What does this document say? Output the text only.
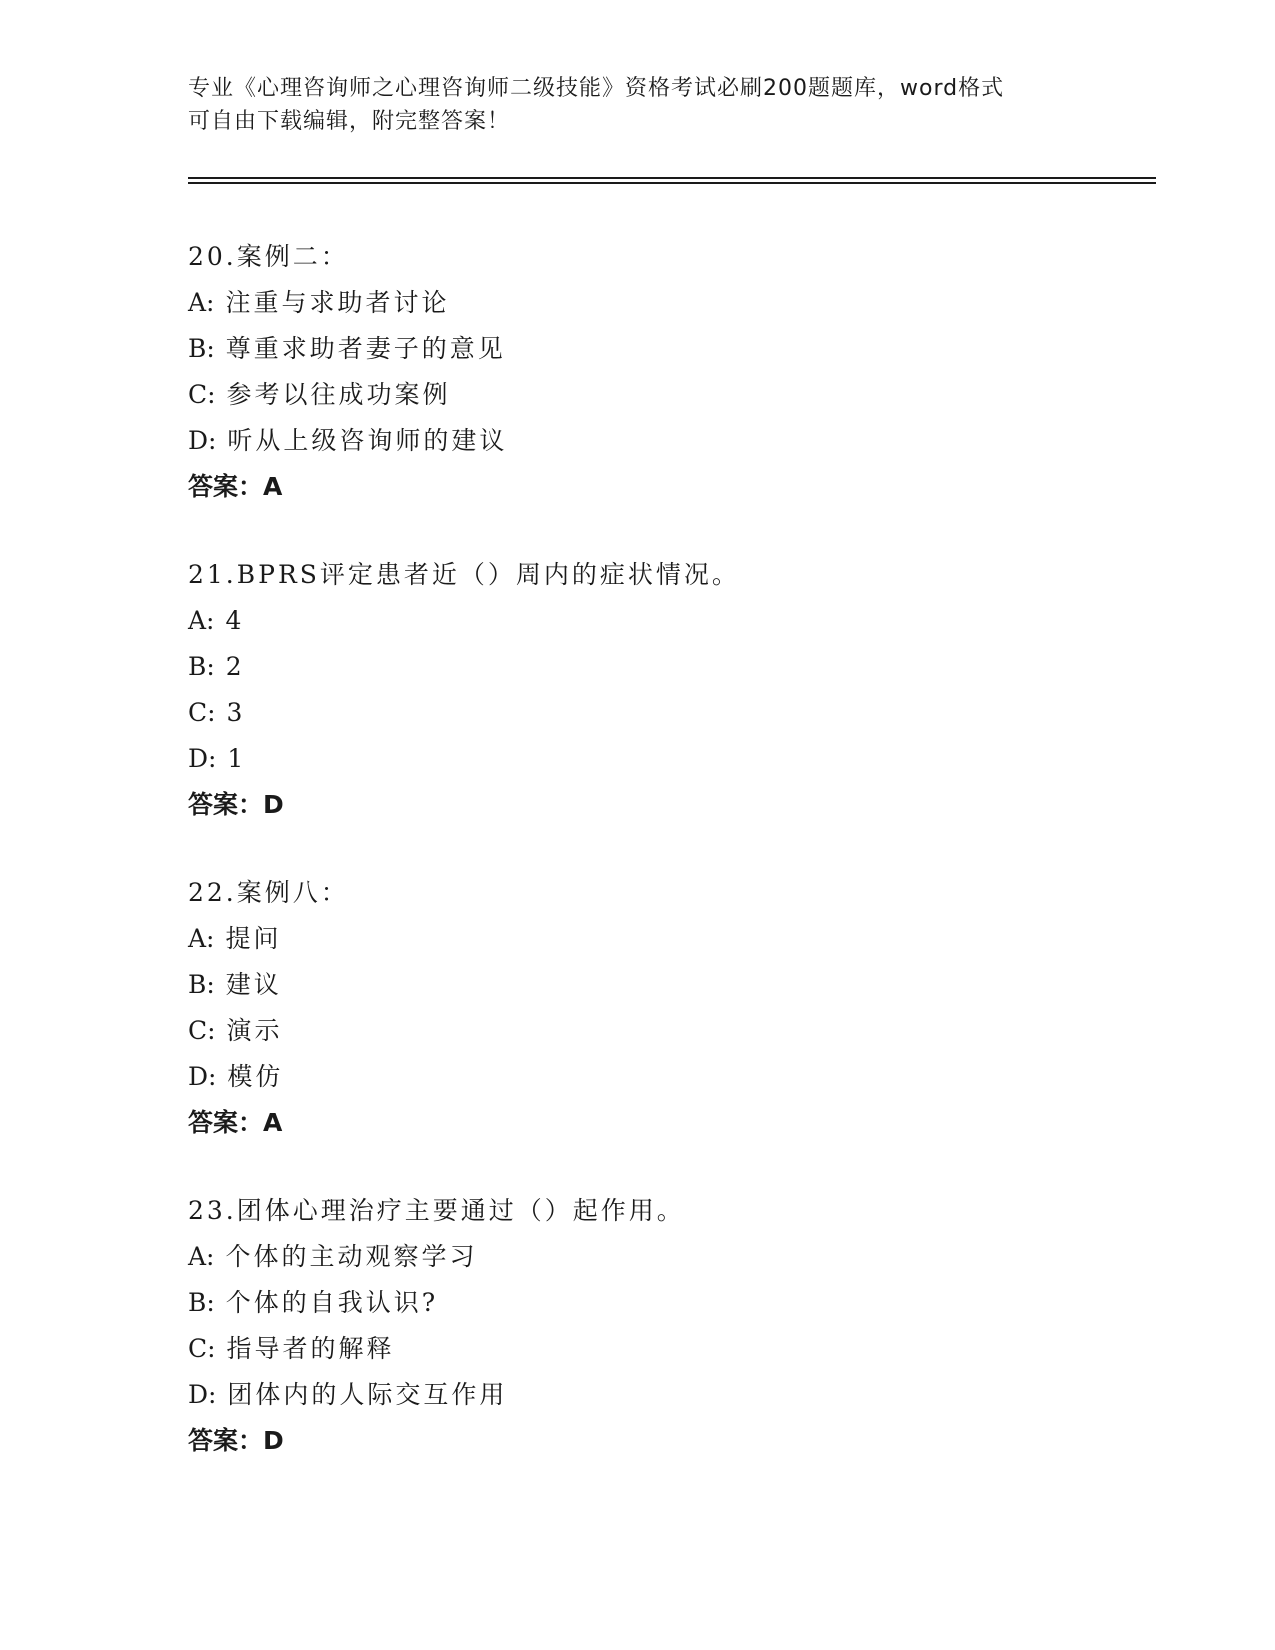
专业《心理咨询师之心理咨询师二级技能》资格考试必刷200题题库，word格式
可自由下载编辑，附完整答案！
20.案例二：
A: 注重与求助者讨论
B: 尊重求助者妻子的意见
C: 参考以往成功案例
D: 听从上级咨询师的建议
答案：A
21.BPRS评定患者近（）周内的症状情况。
A: 4
B: 2
C: 3
D: 1
答案：D
22.案例八：
A: 提问
B: 建议
C: 演示
D: 模仿
答案：A
23.团体心理治疗主要通过（）起作用。
A: 个体的主动观察学习
B: 个体的自我认识?
C: 指导者的解释
D: 团体内的人际交互作用
答案：D
